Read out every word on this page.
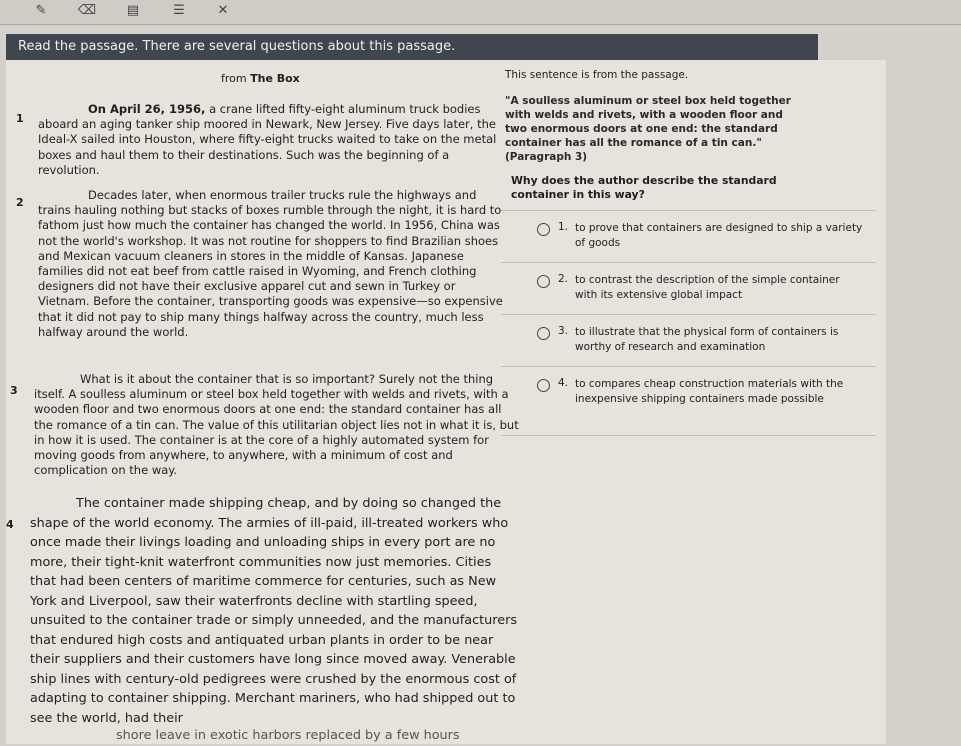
✎	⌫	▤	☰	✕
Read the passage. There are several questions about this passage.
from The Box
1
On April 26, 1956, a crane lifted fifty-eight aluminum truck bodies aboard an aging tanker ship moored in Newark, New Jersey. Five days later, the Ideal-X sailed into Houston, where fifty-eight trucks waited to take on the metal boxes and haul them to their destinations. Such was the beginning of a revolution.
2
Decades later, when enormous trailer trucks rule the highways and trains hauling nothing but stacks of boxes rumble through the night, it is hard to fathom just how much the container has changed the world. In 1956, China was not the world's workshop. It was not routine for shoppers to find Brazilian shoes and Mexican vacuum cleaners in stores in the middle of Kansas. Japanese families did not eat beef from cattle raised in Wyoming, and French clothing designers did not have their exclusive apparel cut and sewn in Turkey or Vietnam. Before the container, transporting goods was expensive—so expensive that it did not pay to ship many things halfway across the country, much less halfway around the world.
3
What is it about the container that is so important? Surely not the thing itself. A soulless aluminum or steel box held together with welds and rivets, with a wooden floor and two enormous doors at one end: the standard container has all the romance of a tin can. The value of this utilitarian object lies not in what it is, but in how it is used. The container is at the core of a highly automated system for moving goods from anywhere, to anywhere, with a minimum of cost and complication on the way.
4
The container made shipping cheap, and by doing so changed the shape of the world economy. The armies of ill-paid, ill-treated workers who once made their livings loading and unloading ships in every port are no more, their tight-knit waterfront communities now just memories. Cities that had been centers of maritime commerce for centuries, such as New York and Liverpool, saw their waterfronts decline with startling speed, unsuited to the container trade or simply unneeded, and the manufacturers that endured high costs and antiquated urban plants in order to be near their suppliers and their customers have long since moved away. Venerable ship lines with century-old pedigrees were crushed by the enormous cost of adapting to container shipping. Merchant mariners, who had shipped out to see the world, had their
shore leave in exotic harbors replaced by a few hours
This sentence is from the passage.
"A soulless aluminum or steel box held together with welds and rivets, with a wooden floor and two enormous doors at one end: the standard container has all the romance of a tin can." (Paragraph 3)
Why does the author describe the standard container in this way?
1. to prove that containers are designed to ship a variety of goods
2. to contrast the description of the simple container with its extensive global impact
3. to illustrate that the physical form of containers is worthy of research and examination
4. to compares cheap construction materials with the inexpensive shipping containers made possible
